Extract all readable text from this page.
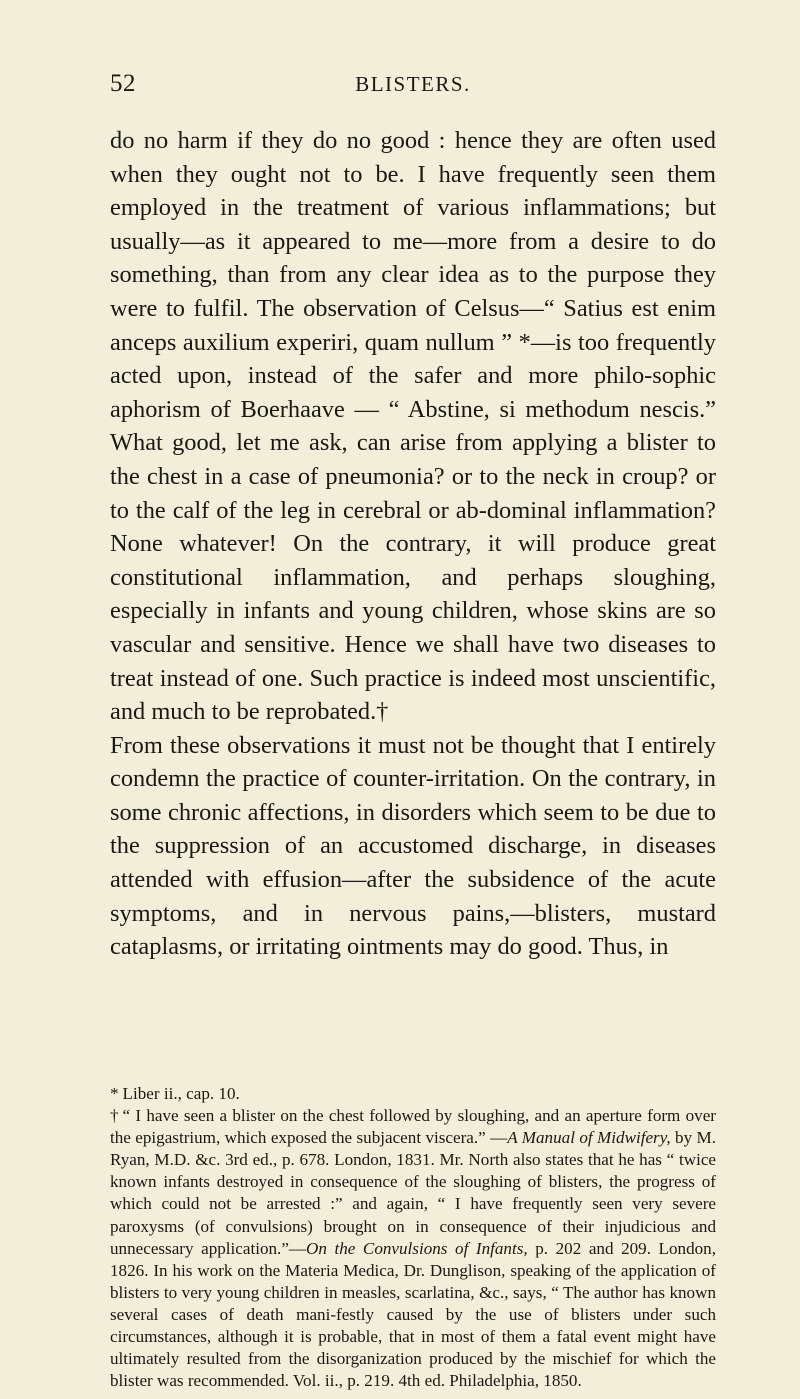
52	BLISTERS.

do no harm if they do no good : hence they are often used when they ought not to be. I have frequently seen them employed in the treatment of various inflammations; but usually—as it appeared to me—more from a desire to do something, than from any clear idea as to the purpose they were to fulfil. The observation of Celsus—“ Satius est enim anceps auxilium experiri, quam nullum ” *—is too frequently acted upon, instead of the safer and more philo-sophic aphorism of Boerhaave — “ Abstine, si methodum nescis.” What good, let me ask, can arise from applying a blister to the chest in a case of pneumonia? or to the neck in croup? or to the calf of the leg in cerebral or ab-dominal inflammation? None whatever! On the contrary, it will produce great constitutional inflammation, and perhaps sloughing, especially in infants and young children, whose skins are so vascular and sensitive. Hence we shall have two diseases to treat instead of one. Such practice is indeed most unscientific, and much to be reprobated.†

From these observations it must not be thought that I entirely condemn the practice of counter-irritation. On the contrary, in some chronic affections, in disorders which seem to be due to the suppression of an accustomed discharge, in diseases attended with effusion—after the subsidence of the acute symptoms, and in nervous pains,—blisters, mustard cataplasms, or irritating ointments may do good. Thus, in

* Liber ii., cap. 10.

† “ I have seen a blister on the chest followed by sloughing, and an aperture form over the epigastrium, which exposed the subjacent viscera.” —A Manual of Midwifery, by M. Ryan, M.D. &c. 3rd ed., p. 678. London, 1831. Mr. North also states that he has “ twice known infants destroyed in consequence of the sloughing of blisters, the progress of which could not be arrested :” and again, “ I have frequently seen very severe paroxysms (of convulsions) brought on in consequence of their injudicious and unnecessary application.”—On the Convulsions of Infants, p. 202 and 209. London, 1826. In his work on the Materia Medica, Dr. Dunglison, speaking of the application of blisters to very young children in measles, scarlatina, &c., says, “ The author has known several cases of death mani-festly caused by the use of blisters under such circumstances, although it is probable, that in most of them a fatal event might have ultimately resulted from the disorganization produced by the mischief for which the blister was recommended. Vol. ii., p. 219. 4th ed. Philadelphia, 1850.
